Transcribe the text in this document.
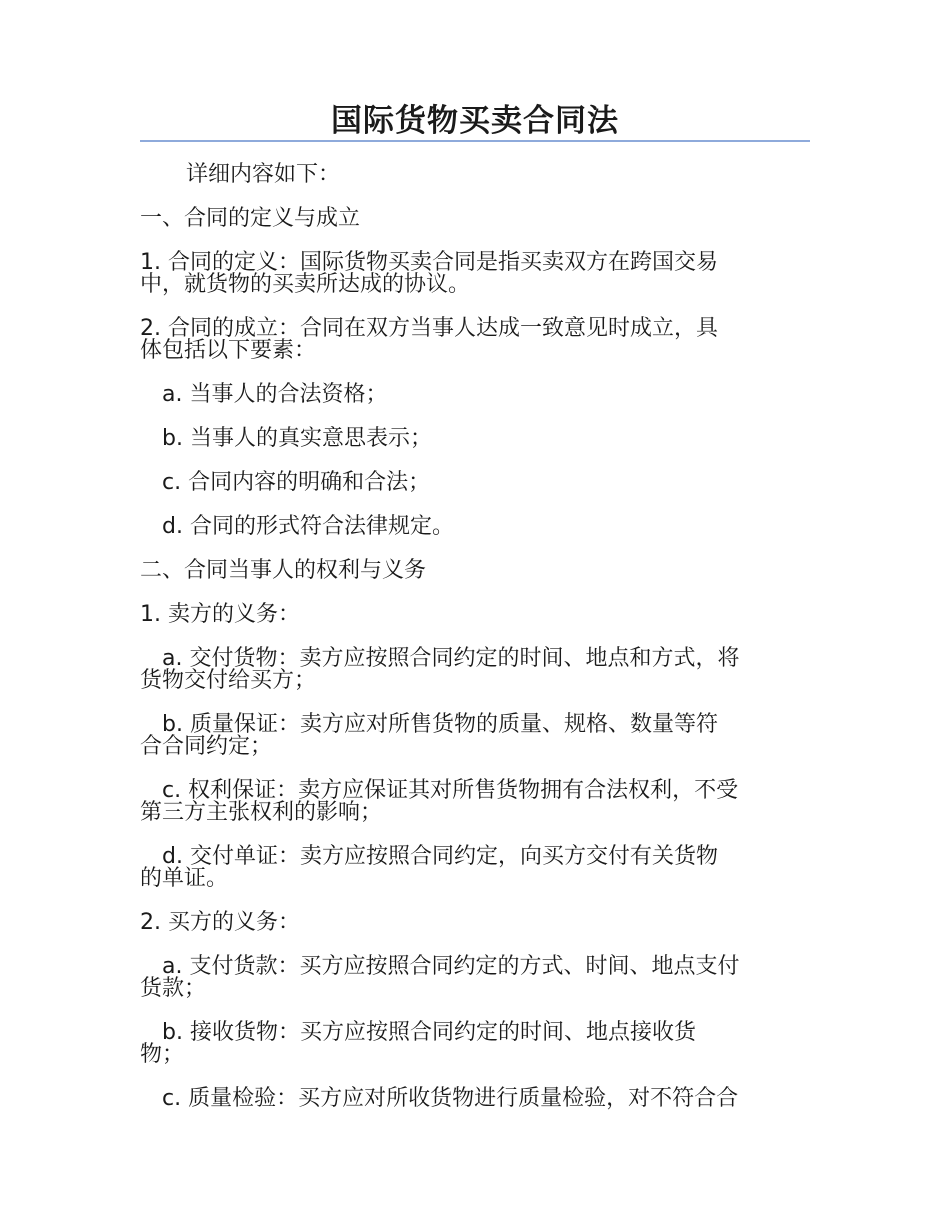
国际货物买卖合同法

详细内容如下：

一、合同的定义与成立

1. 合同的定义：国际货物买卖合同是指买卖双方在跨国交易
中，就货物的买卖所达成的协议。
2. 合同的成立：合同在双方当事人达成一致意见时成立，具
体包括以下要素：

a. 当事人的合法资格；

b. 当事人的真实意思表示；

c. 合同内容的明确和合法；

d. 合同的形式符合法律规定。

二、合同当事人的权利与义务

1. 卖方的义务：

a. 交付货物：卖方应按照合同约定的时间、地点和方式，将
货物交付给买方；
b. 质量保证：卖方应对所售货物的质量、规格、数量等符
合合同约定；
c. 权利保证：卖方应保证其对所售货物拥有合法权利，不受
第三方主张权利的影响；
d. 交付单证：卖方应按照合同约定，向买方交付有关货物
的单证。

2. 买方的义务：

a. 支付货款：买方应按照合同约定的方式、时间、地点支付
货款；
b. 接收货物：买方应按照合同约定的时间、地点接收货
物；
c. 质量检验：买方应对所收货物进行质量检验，对不符合合
